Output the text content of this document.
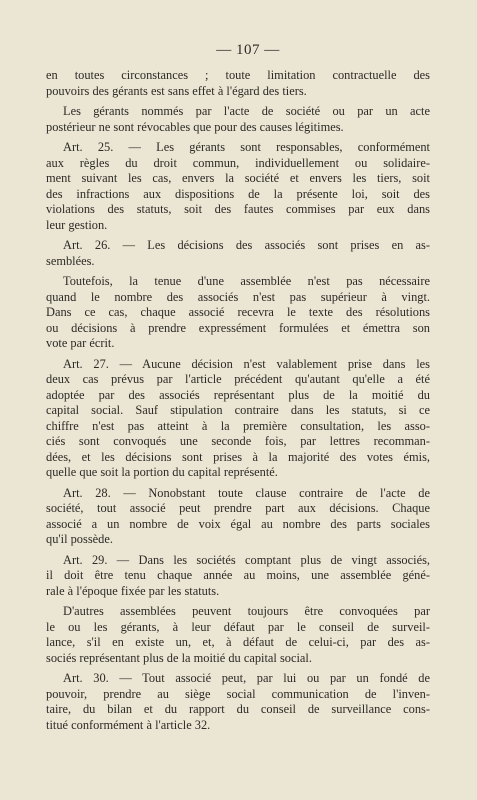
— 107 —
en toutes circonstances ; toute limitation contractuelle des
pouvoirs des gérants est sans effet à l'égard des tiers.
Les gérants nommés par l'acte de société ou par un acte
postérieur ne sont révocables que pour des causes légitimes.
Art. 25. — Les gérants sont responsables, conformément
aux règles du droit commun, individuellement ou solidaire-
ment suivant les cas, envers la société et envers les tiers, soit
des infractions aux dispositions de la présente loi, soit des
violations des statuts, soit des fautes commises par eux dans
leur gestion.
Art. 26. — Les décisions des associés sont prises en as-
semblées.
Toutefois, la tenue d'une assemblée n'est pas nécessaire
quand le nombre des associés n'est pas supérieur à vingt.
Dans ce cas, chaque associé recevra le texte des résolutions
ou décisions à prendre expressément formulées et émettra son
vote par écrit.
Art. 27. — Aucune décision n'est valablement prise dans les
deux cas prévus par l'article précédent qu'autant qu'elle a été
adoptée par des associés représentant plus de la moitié du
capital social. Sauf stipulation contraire dans les statuts, si ce
chiffre n'est pas atteint à la première consultation, les asso-
ciés sont convoqués une seconde fois, par lettres recomman-
dées, et les décisions sont prises à la majorité des votes émis,
quelle que soit la portion du capital représenté.
Art. 28. — Nonobstant toute clause contraire de l'acte de
société, tout associé peut prendre part aux décisions. Chaque
associé a un nombre de voix égal au nombre des parts sociales
qu'il possède.
Art. 29. — Dans les sociétés comptant plus de vingt associés,
il doit être tenu chaque année au moins, une assemblée géné-
rale à l'époque fixée par les statuts.
D'autres assemblées peuvent toujours être convoquées par
le ou les gérants, à leur défaut par le conseil de surveil-
lance, s'il en existe un, et, à défaut de celui-ci, par des as-
sociés représentant plus de la moitié du capital social.
Art. 30. — Tout associé peut, par lui ou par un fondé de
pouvoir, prendre au siège social communication de l'inven-
taire, du bilan et du rapport du conseil de surveillance cons-
titué conformément à l'article 32.
